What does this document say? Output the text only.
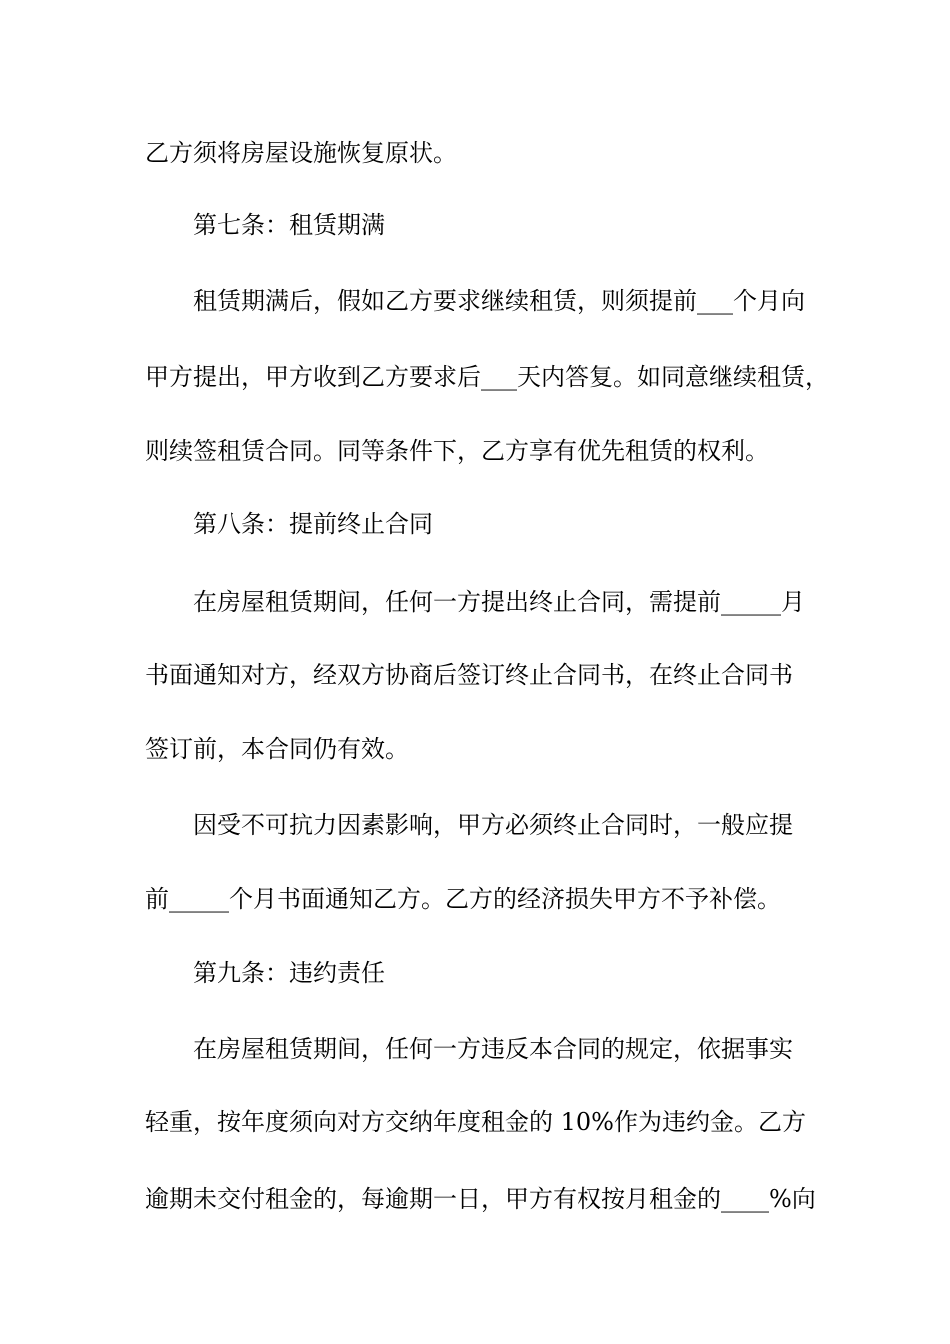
乙方须将房屋设施恢复原状。

第七条：租赁期满

租赁期满后，假如乙方要求继续租赁，则须提前___个月向

甲方提出，甲方收到乙方要求后___天内答复。如同意继续租赁，

则续签租赁合同。同等条件下，乙方享有优先租赁的权利。

第八条：提前终止合同

在房屋租赁期间，任何一方提出终止合同，需提前_____月

书面通知对方，经双方协商后签订终止合同书，在终止合同书

签订前，本合同仍有效。

因受不可抗力因素影响，甲方必须终止合同时，一般应提

前_____个月书面通知乙方。乙方的经济损失甲方不予补偿。

第九条：违约责任

在房屋租赁期间，任何一方违反本合同的规定，依据事实

轻重，按年度须向对方交纳年度租金的 10%作为违约金。乙方

逾期未交付租金的，每逾期一日，甲方有权按月租金的____%向
